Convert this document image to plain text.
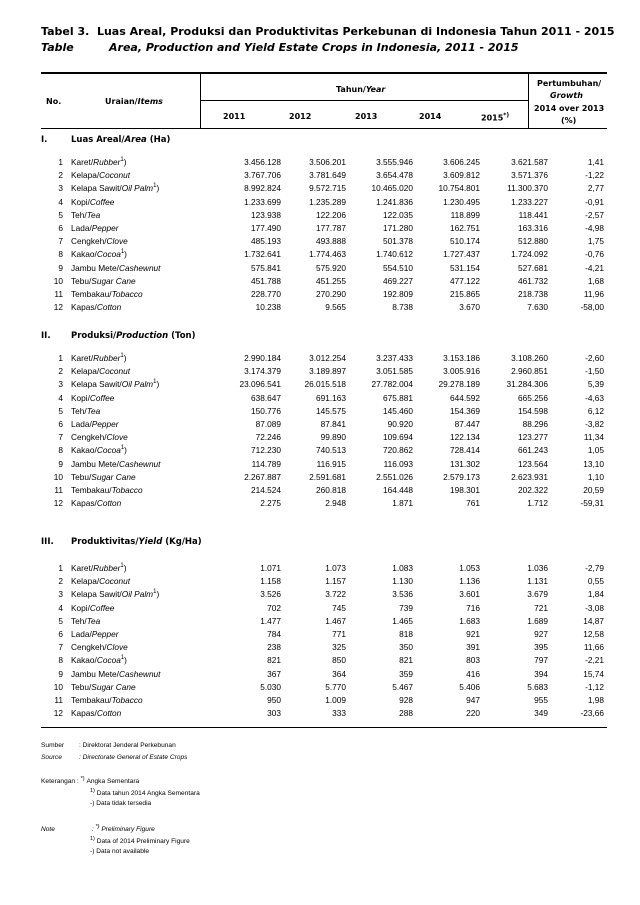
Tabel 3. Luas Areal, Produksi dan Produktivitas Perkebunan di Indonesia Tahun 2011 - 2015
Table	Area, Production and Yield Estate Crops in Indonesia, 2011 - 2015
No.	Uraian/Items
Tahun/Year
Pertumbuhan/
Growth
2014 over 2013
(%)
2011	2012	2013	2014	2015*)
I.	Luas Areal/Area (Ha)
1 Karet/Rubber$^1$)	3.456.128	3.506.201	3.555.946	3.606.245	3.621.587	1,41
2 Kelapa/Coconut	3.767.706	3.781.649	3.654.478	3.609.812	3.571.376	-1,22
3 Kelapa Sawit/Oil Palm$^1$)	8.992.824	9.572.715	10.465.020	10.754.801	11.300.370	2,77
4 Kopi/Coffee	1.233.699	1.235.289	1.241.836	1.230.495	1.233.227	-0,91
5 Teh/Tea	123.938	122.206	122.035	118.899	118.441	-2,57
6 Lada/Pepper	177.490	177.787	171.280	162.751	163.316	-4,98
7 Cengkeh/Clove	485.193	493.888	501.378	510.174	512.880	1,75
8 Kakao/Cocoa$^1$)	1.732.641	1.774.463	1.740.612	1.727.437	1.724.092	-0,76
9 Jambu Mete/Cashewnut	575.841	575.920	554.510	531.154	527.681	-4,21
10 Tebu/Sugar Cane	451.788	451.255	469.227	477.122	461.732	1,68
11 Tembakau/Tobacco	228.770	270.290	192.809	215.865	218.738	11,96
12 Kapas/Cotton	10.238	9.565	8.738	3.670	7.630	-58,00
II. Produksi/Production (Ton)
1 Karet/Rubber$^1$)	2.990.184	3.012.254	3.237.433	3.153.186	3.108.260	-2,60
2 Kelapa/Coconut	3.174.379	3.189.897	3.051.585	3.005.916	2.960.851	-1,50
3 Kelapa Sawit/Oil Palm$^1$)	23.096.541	26.015.518	27.782.004	29.278.189	31.284.306	5,39
4 Kopi/Coffee	638.647	691.163	675.881	644.592	665.256	-4,63
5 Teh/Tea	150.776	145.575	145.460	154.369	154.598	6,12
6 Lada/Pepper	87.089	87.841	90.920	87.447	88.296	-3,82
7 Cengkeh/Clove	72.246	99.890	109.694	122.134	123.277	11,34
8 Kakao/Cocoa$^1$)	712.230	740.513	720.862	728.414	661.243	1,05
9 Jambu Mete/Cashewnut	114.789	116.915	116.093	131.302	123.564	13,10
10 Tebu/Sugar Cane	2.267.887	2.591.681	2.551.026	2.579.173	2.623.931	1,10
11 Tembakau/Tobacco	214.524	260.818	164.448	198.301	202.322	20,59
12 Kapas/Cotton	2.275	2.948	1.871	761	1.712	-59,31
III. Produktivitas/Yield (Kg/Ha)
1 Karet/Rubber$^1$)	1.071	1.073	1.083	1.053	1.036	-2,79
2 Kelapa/Coconut	1.158	1.157	1.130	1.136	1.131	0,55
3 Kelapa Sawit/Oil Palm$^1$)	3.526	3.722	3.536	3.601	3.679	1,84
4 Kopi/Coffee	702	745	739	716	721	-3,08
5 Teh/Tea	1.477	1.467	1.465	1.683	1.689	14,87
6 Lada/Pepper	784	771	818	921	927	12,58
7 Cengkeh/Clove	238	325	350	391	395	11,66
8 Kakao/Cocoa$^1$)	821	850	821	803	797	-2,21
9 Jambu Mete/Cashewnut	367	364	359	416	394	15,74
10 Tebu/Sugar Cane	5.030	5.770	5.467	5.406	5.683	-1,12
11 Tembakau/Tobacco	950	1.009	928	947	955	1,98
12 Kapas/Cotton	303	333	288	220	349	-23,66
Sumber : Direktorat Jenderal Perkebunan
Source	: Directorate General of Estate Crops
Keterangan : *) Angka Sementara
$^{1)}$ Data tahun 2014 Angka Sementara
-) Data tidak tersedia
Note	: *) Preliminary Figure
$^{1)}$ Data of 2014 Preliminary Figure
-) Data not available
